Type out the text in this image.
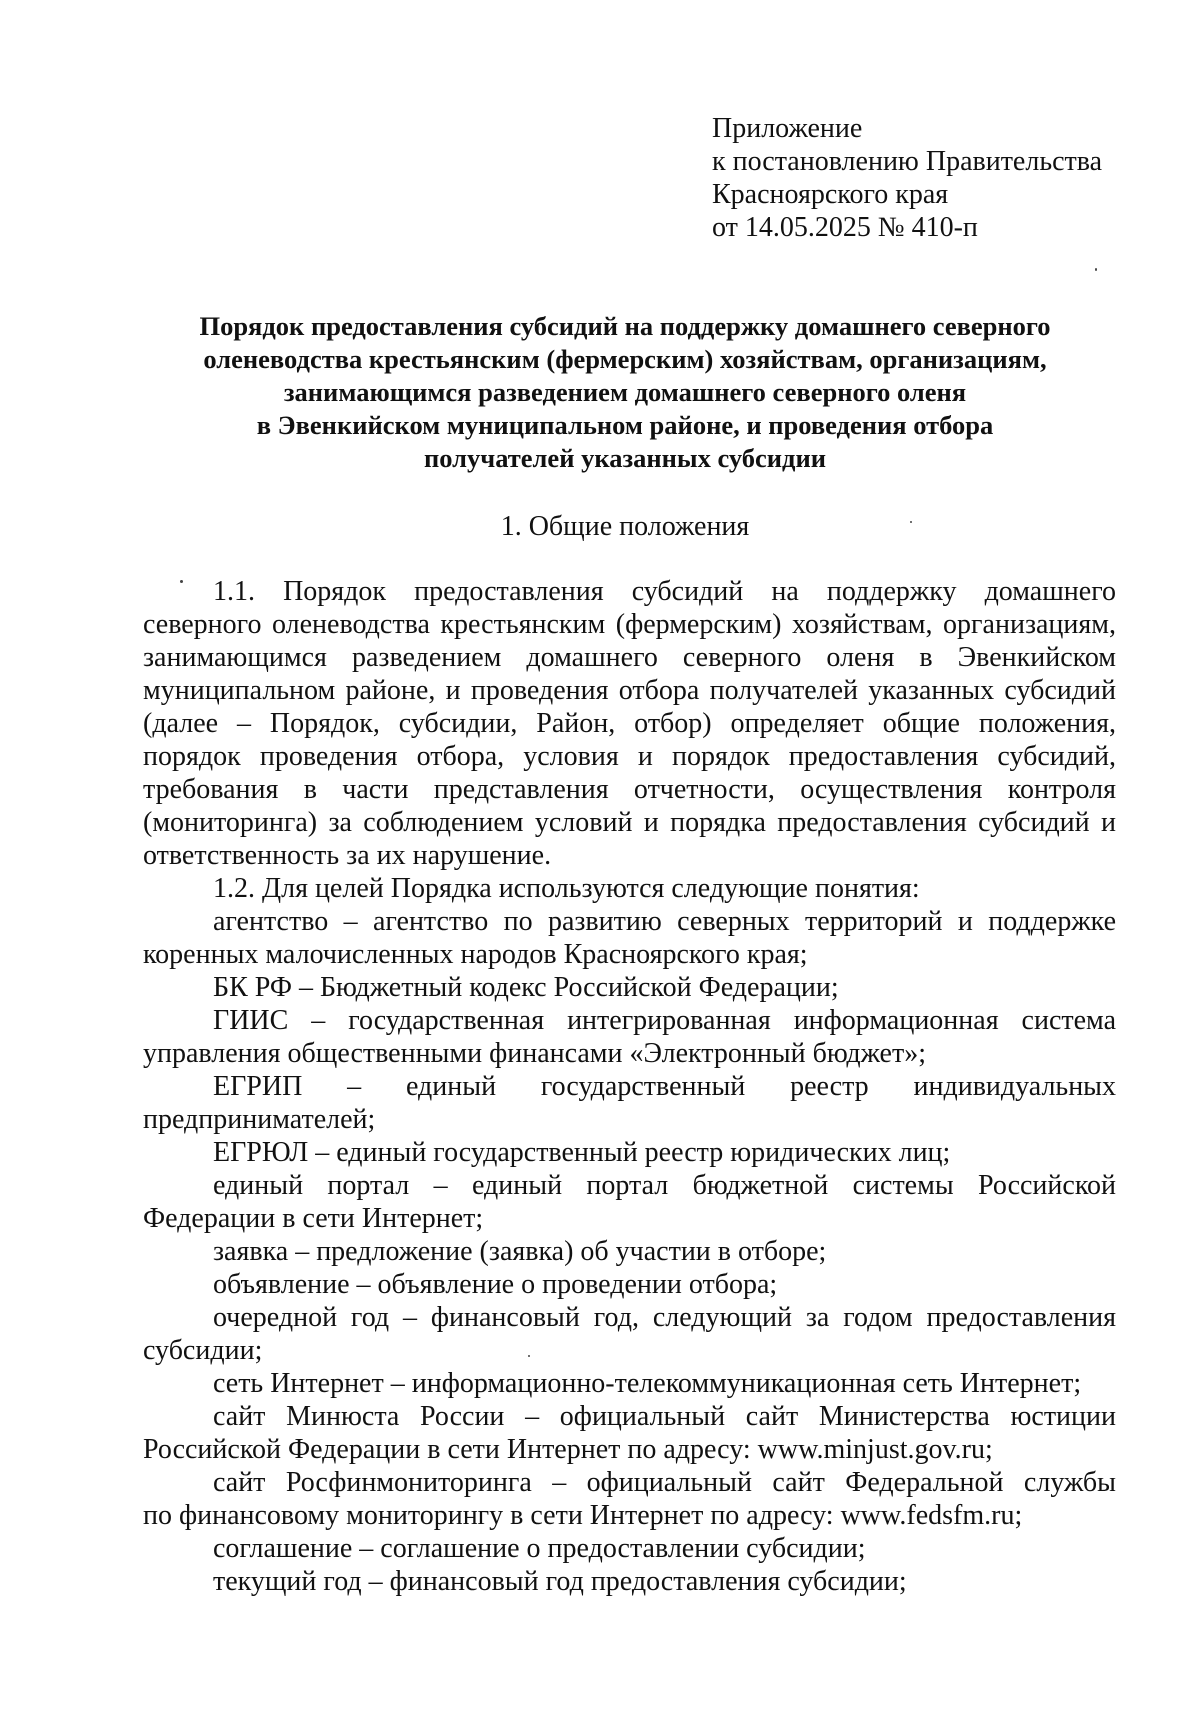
Приложение
к постановлению Правительства
Красноярского края
от 14.05.2025 № 410-п
Порядок предоставления субсидий на поддержку домашнего северного
оленеводства крестьянским (фермерским) хозяйствам, организациям,
занимающимся разведением домашнего северного оленя
в Эвенкийском муниципальном районе, и проведения отбора
получателей указанных субсидии
1. Общие положения
1.1. Порядок предоставления субсидий на поддержку домашнего
северного оленеводства крестьянским (фермерским) хозяйствам, организациям,
занимающимся разведением домашнего северного оленя в Эвенкийском
муниципальном районе, и проведения отбора получателей указанных субсидий
(далее – Порядок, субсидии, Район, отбор) определяет общие положения,
порядок проведения отбора, условия и порядок предоставления субсидий,
требования в части представления отчетности, осуществления контроля
(мониторинга) за соблюдением условий и порядка предоставления субсидий и
ответственность за их нарушение.
1.2. Для целей Порядка используются следующие понятия:
агентство – агентство по развитию северных территорий и поддержке
коренных малочисленных народов Красноярского края;
БК РФ – Бюджетный кодекс Российской Федерации;
ГИИС – государственная интегрированная информационная система
управления общественными финансами «Электронный бюджет»;
ЕГРИП – единый государственный реестр индивидуальных
предпринимателей;
ЕГРЮЛ – единый государственный реестр юридических лиц;
единый портал – единый портал бюджетной системы Российской
Федерации в сети Интернет;
заявка – предложение (заявка) об участии в отборе;
объявление – объявление о проведении отбора;
очередной год – финансовый год, следующий за годом предоставления
субсидии;
сеть Интернет – информационно-телекоммуникационная сеть Интернет;
сайт Минюста России – официальный сайт Министерства юстиции
Российской Федерации в сети Интернет по адресу: www.minjust.gov.ru;
сайт Росфинмониторинга – официальный сайт Федеральной службы
по финансовому мониторингу в сети Интернет по адресу: www.fedsfm.ru;
соглашение – соглашение о предоставлении субсидии;
текущий год – финансовый год предоставления субсидии;
